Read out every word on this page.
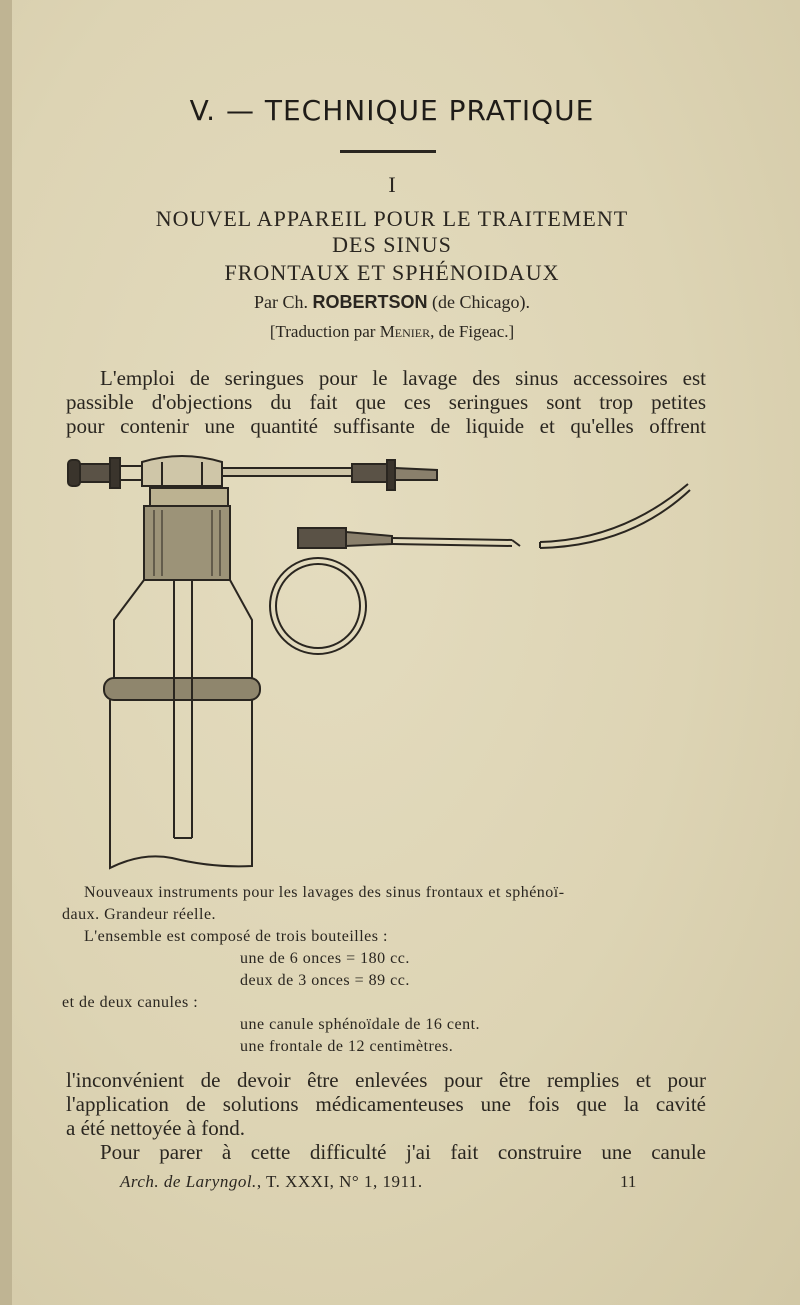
V. — TECHNIQUE PRATIQUE
I
NOUVEL APPAREIL POUR LE TRAITEMENT
DES SINUS
FRONTAUX ET SPHÉNOIDAUX
Par Ch. ROBERTSON (de Chicago).
[Traduction par Menier, de Figeac.]
L'emploi de seringues pour le lavage des sinus accessoires est
passible d'objections du fait que ces seringues sont trop petites
pour contenir une quantité suffisante de liquide et qu'elles offrent
Nouveaux instruments pour les lavages des sinus frontaux et sphénoï-
daux. Grandeur réelle.
L'ensemble est composé de trois bouteilles :
une de 6 onces = 180 cc.
deux de 3 onces = 89 cc.
et de deux canules :
une canule sphénoïdale de 16 cent.
une frontale de 12 centimètres.
l'inconvénient de devoir être enlevées pour être remplies et pour
l'application de solutions médicamenteuses une fois que la cavité
a été nettoyée à fond.
Pour parer à cette difficulté j'ai fait construire une canule
Arch. de Laryngol., T. XXXI, N° 1, 1911.	11
